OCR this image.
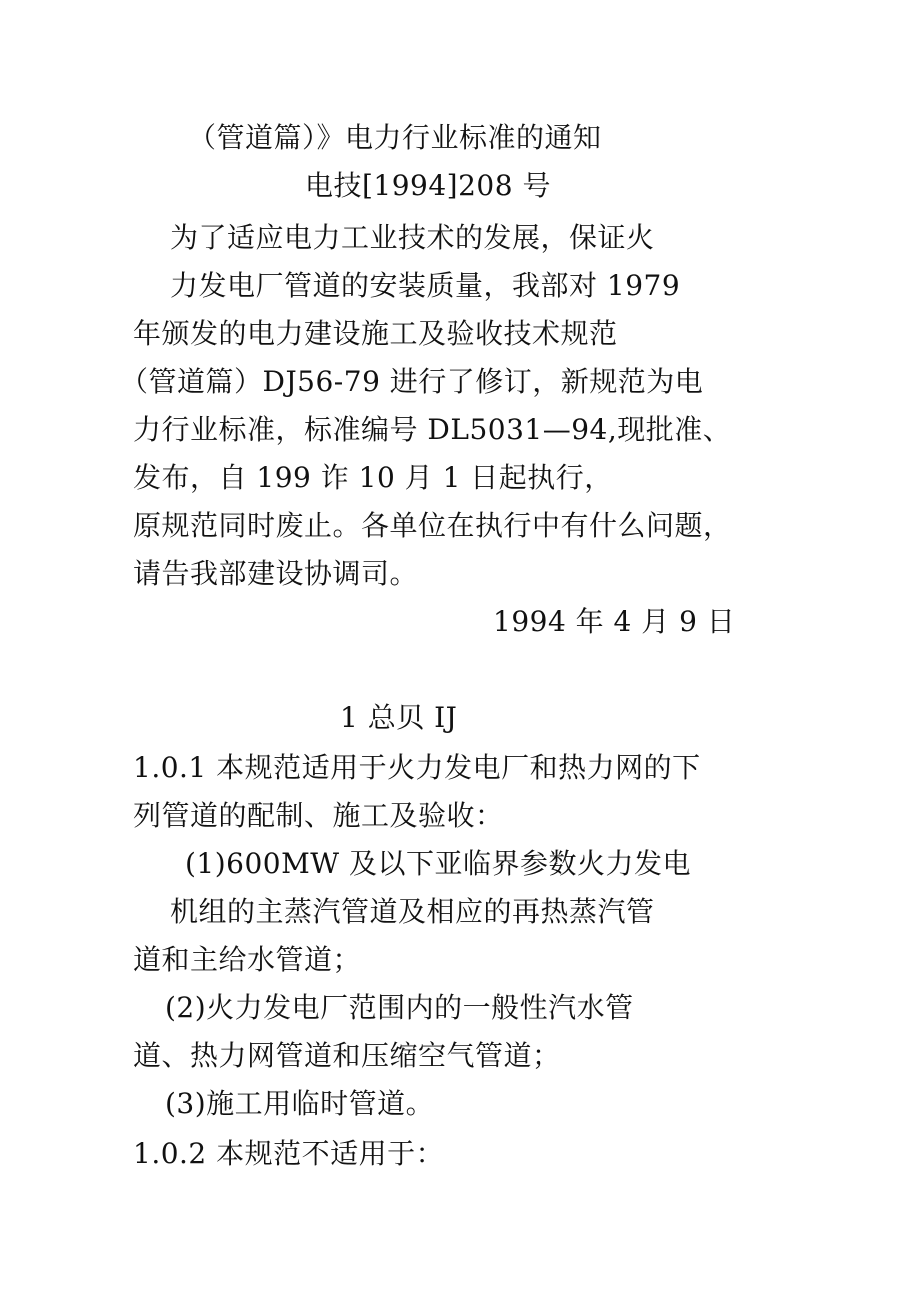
（管道篇）》电力行业标准的通知
电技[1994]208 号
为了适应电力工业技术的发展，保证火
力发电厂管道的安装质量，我部对 1979
年颁发的电力建设施工及验收技术规范
（管道篇）DJ56-79 进行了修订，新规范为电
力行业标准，标准编号 DL5031—94,现批准、
发布，自 199 诈 10 月 1 日起执行，
原规范同时废止。各单位在执行中有什么问题，
请告我部建设协调司。
1994 年 4 月 9 日
1 总贝 IJ
1.0.1 本规范适用于火力发电厂和热力网的下
列管道的配制、施工及验收：
(1)600MW 及以下亚临界参数火力发电
机组的主蒸汽管道及相应的再热蒸汽管
道和主给水管道；
(2)火力发电厂范围内的一般性汽水管
道、热力网管道和压缩空气管道；
(3)施工用临时管道。
1.0.2 本规范不适用于：
